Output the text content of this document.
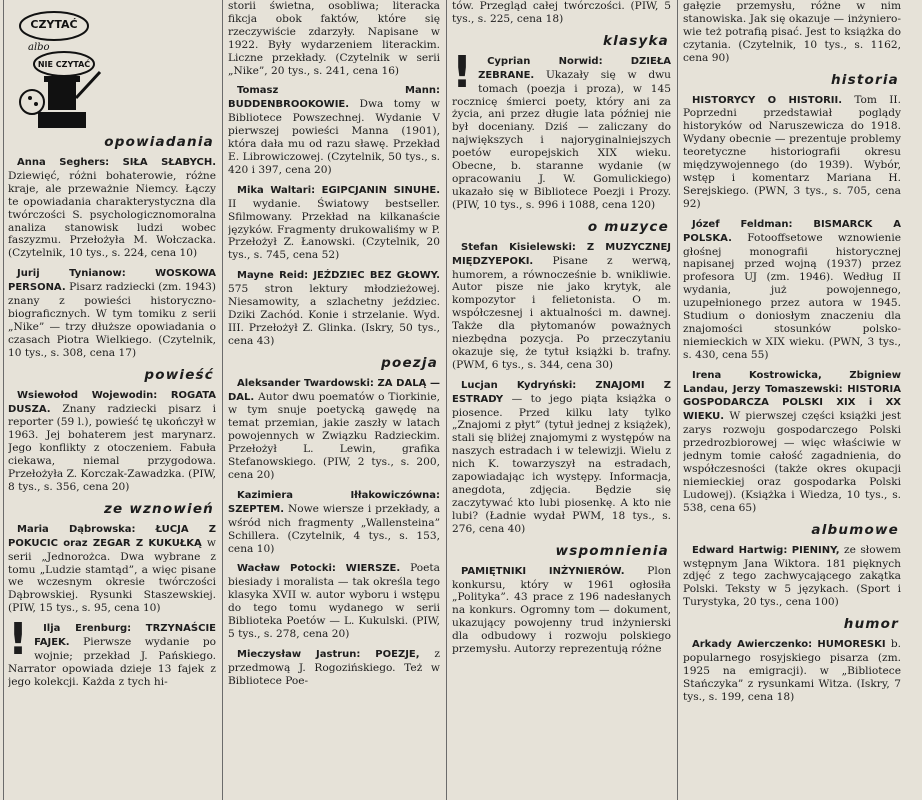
CZYTAĆ
albo
NIE CZYTAĆ
opowiadania

Anna Seghers: SIŁA SŁABYCH. Dziewięć, różni bohaterowie, różne kraje, ale przeważnie Niemcy. Łączy te opowiadania charakterystyczna dla twórczości S. psychologicznomoralna analiza stanowisk ludzi wobec faszyzmu. Przełożyła M. Wołczacka. (Czytelnik, 10 tys., s. 224, cena 10)

Jurij Tynianow:	WOSKOWA PERSONA. Pisarz radziecki (zm. 1943) znany z powieści historyczno-biograficznych. W tym tomiku z serii „Nike” — trzy dłuższe opowiadania o czasach Piotra Wielkiego. (Czytelnik, 10 tys., s. 308, cena 17)

powieść

Wsiewołod Wojewodin: ROGATA DUSZA. Znany radziecki pisarz i reporter (59 l.), powieść tę ukończył w 1963. Jej bohaterem jest marynarz. Jego konflikty z otoczeniem. Fabuła ciekawa, niemal przygodowa. Przełożyła Z. Korczak-Zawadzka. (PIW, 8 tys., s. 356, cena 20)

ze wznowień

Maria Dąbrowska: ŁUCJA Z POKUCIC oraz ZEGAR Z KUKUŁKĄ w serii „Jednorożca. Dwa wybrane z tomu „Ludzie stamtąd”, a więc pisane we wczesnym okresie twórczości Dąbrowskiej. Rysunki Staszewskiej. (PIW, 15 tys., s. 95, cena 10)

!	Ilja Erenburg: TRZYNAŚCIE FAJEK. Pierwsze wydanie po wojnie; przekład J. Pańskiego. Narrator opowiada dzieje 13 fajek z jego kolekcji. Każda z tych hi-

storii świetna, osobliwa; literacka fikcja obok faktów, które się rzeczywiście zdarzyły. Napisane w 1922. Były wydarzeniem literackim. Liczne przekłady. (Czytelnik w serii „Nike”, 20 tys., s. 241, cena 16)

Tomasz Mann: BUDDENBROOKOWIE. Dwa tomy w Bibliotece Powszechnej. Wydanie V pierwszej powieści Manna (1901), która dała mu od razu sławę. Przekład E. Librowiczowej. (Czytelnik, 50 tys., s. 420 i 397, cena 20)

Mika Waltari: EGIPCJANIN SINUHE. II wydanie. Światowy bestseller. Sfilmowany. Przekład na kilkanaście języków. Fragmenty drukowaliśmy w P. Przełożył Z. Łanowski. (Czytelnik, 20 tys., s. 745, cena 52)

Mayne Reid: JEŹDZIEC BEZ GŁOWY. 575 stron lektury młodzieżowej. Niesamowity, a szlachetny jeździec. Dziki Zachód. Konie i strzelanie. Wyd. III. Przełożył Z. Glinka. (Iskry, 50 tys., cena 43)

poezja

Aleksander Twardowski: ZA DALĄ — DAL. Autor dwu poematów o Tiorkinie, w tym snuje poetycką gawędę na temat przemian, jakie zaszły w latach powojennych w Związku Radzieckim. Przełożył L. Lewin, grafika Stefanowskiego. (PIW, 2 tys., s. 200, cena 20)

Kazimiera Iłłakowiczówna: SZEPTEM. Nowe wiersze i przekłady, a wśród nich fragmenty „Wallensteina” Schillera. (Czytelnik, 4 tys., s. 153, cena 10)

Wacław Potocki: WIERSZE. Poeta biesiady i moralista — tak określa tego klasyka XVII w. autor wyboru i wstępu do tego tomu wydanego w serii Biblioteka Poetów — L. Kukulski. (PIW, 5 tys., s. 278, cena 20)

Mieczysław Jastrun: POEZJE, z przedmową J. Rogozińskiego. Też w Bibliotece Poe-

tów. Przegląd całej twórczości. (PIW, 5 tys., s. 225, cena 18)

klasyka
!	Cyprian Norwid:	DZIEŁA ZEBRANE. Ukazały się w dwu tomach (poezja i proza), w 145 rocznicę śmierci poety, który ani za życia, ani przez długie lata później nie był doceniany. Dziś — zaliczany do największych i najoryginalniejszych poetów europejskich XIX wieku. Obecne, b. staranne wydanie (w opracowaniu J. W. Gomulickiego) ukazało się w Bibliotece Poezji i Prozy. (PIW, 10 tys., s. 996 i 1088, cena 120)

o muzyce

Stefan Kisielewski: Z MUZYCZNEJ MIĘDZYEPOKI. Pisane z werwą, humorem, a równocześnie b. wnikliwie. Autor pisze nie jako krytyk, ale kompozytor i felietonista. O m. współczesnej i aktualności m. dawnej. Także dla płytomanów poważnych niezbędna pozycja. Po przeczytaniu okazuje się, że tytuł książki b. trafny. (PWM, 6 tys., s. 344, cena 30)

Lucjan Kydryński: ZNAJOMI Z ESTRADY — to jego piąta książka o piosence. Przed kilku laty tylko „Znajomi z płyt” (tytuł jednej z książek), stali się bliżej znajomymi z występów na naszych estradach i w telewizji. Wielu z nich K. towarzyszył na estradach, zapowiadając ich występy. Informacja, anegdota, zdjęcia. Będzie się zaczytywać kto lubi piosenkę. A kto nie lubi? (Ładnie wydał PWM, 18 tys., s. 276, cena 40)

wspomnienia

PAMIĘTNIKI INŻYNIERÓW. Plon konkursu, który w 1961 ogłosiła „Polityka”. 43 prace z 196 nadesłanych na konkurs. Ogromny tom — dokument, ukazujący powojenny trud inżynierski dla odbudowy i rozwoju polskiego przemysłu. Autorzy reprezentują różne

gałęzie przemysłu, różne w nim stanowiska. Jak się okazuje — inżynierowie też potrafią pisać. Jest to książka do czytania. (Czytelnik, 10 tys., s. 1162, cena 90)

historia

HISTORYCY O HISTORII. Tom II. Poprzedni przedstawiał poglądy historyków od Naruszewicza do 1918. Wydany obecnie — prezentuje problemy teoretyczne historiografii okresu międzywojennego (do 1939). Wybór, wstęp i komentarz Mariana H. Serejskiego. (PWN, 3 tys., s. 705, cena 92)

Józef Feldman: BISMARCK A POLSKA. Fotooffsetowe wznowienie głośnej monografii historycznej napisanej przed wojną (1937) przez profesora UJ (zm. 1946). Według II wydania, już powojennego, uzupełnionego przez autora w 1945. Studium o doniosłym znaczeniu dla znajomości stosunków polsko-niemieckich w XIX wieku. (PWN, 3 tys., s. 430, cena 55)

Irena Kostrowicka, Zbigniew Landau, Jerzy Tomaszewski: HISTORIA GOSPODARCZA POLSKI XIX i XX WIEKU. W pierwszej części książki jest zarys rozwoju gospodarczego Polski przedrozbiorowej — więc właściwie w jednym tomie całość zagadnienia, do współczesności (także okres okupacji niemieckiej oraz gospodarka Polski Ludowej). (Książka i Wiedza, 10 tys., s. 538, cena 65)

albumowe

Edward Hartwig: PIENINY, ze słowem wstępnym Jana Wiktora. 181 pięknych zdjęć z tego zachwycającego zakątka Polski. Teksty w 5 językach. (Sport i Turystyka, 20 tys., cena 100)

humor

Arkady Awierczenko: HUMORESKI b. popularnego rosyjskiego pisarza (zm. 1925 na emigracji). w „Bibliotece Stańczyka” z rysunkami Witza. (Iskry, 7 tys., s. 199, cena 18)
